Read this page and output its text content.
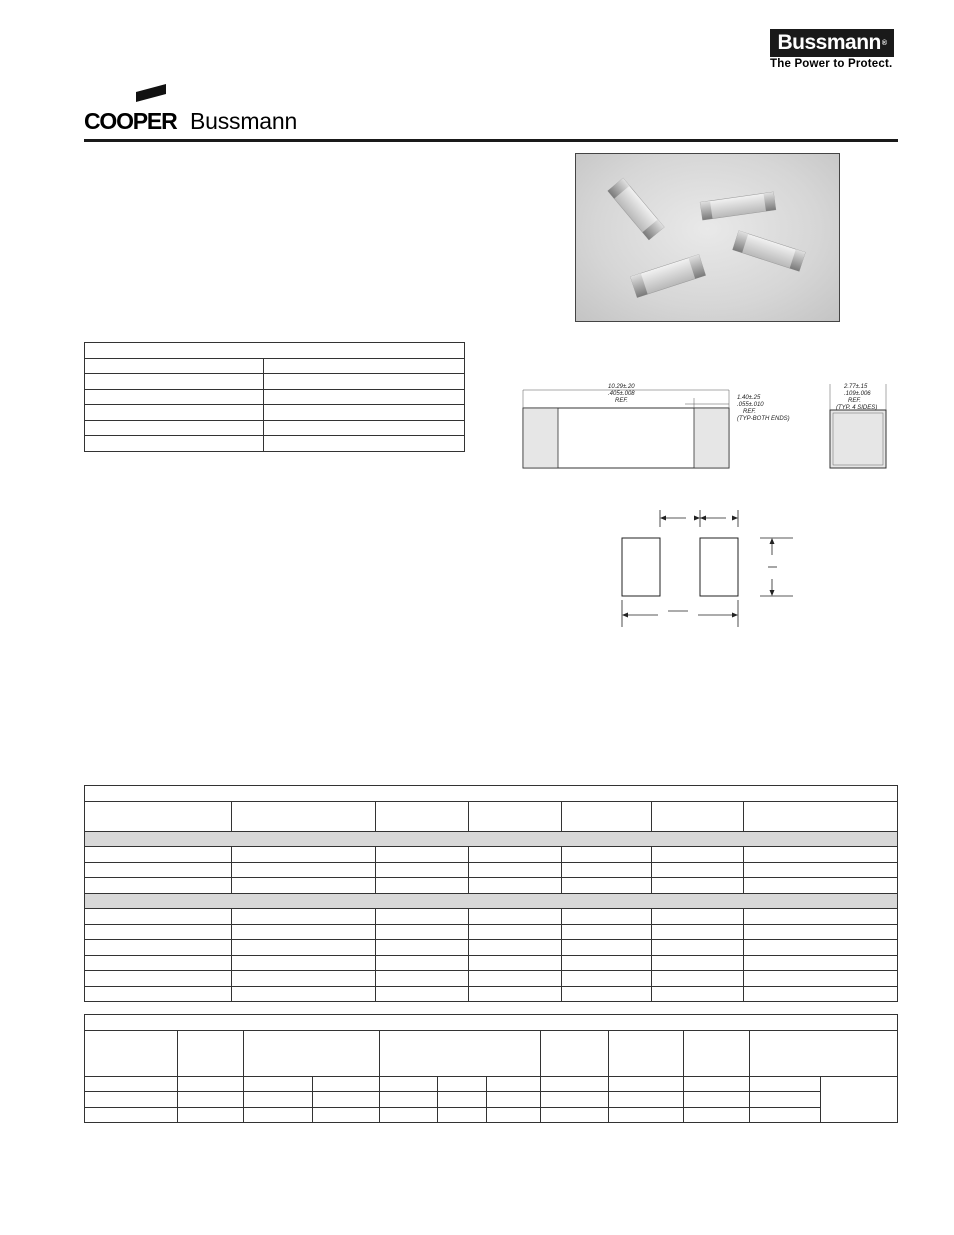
Bussmann ®
The Power to Protect.
COOPER Bussmann

10.29±.20
.405±.008
REF.	1.40±.25
.055±.010
REF.
(TYP-BOTH ENDS)
2.77±.15
.109±.006
REF.
(TYP. 4 SIDES)
